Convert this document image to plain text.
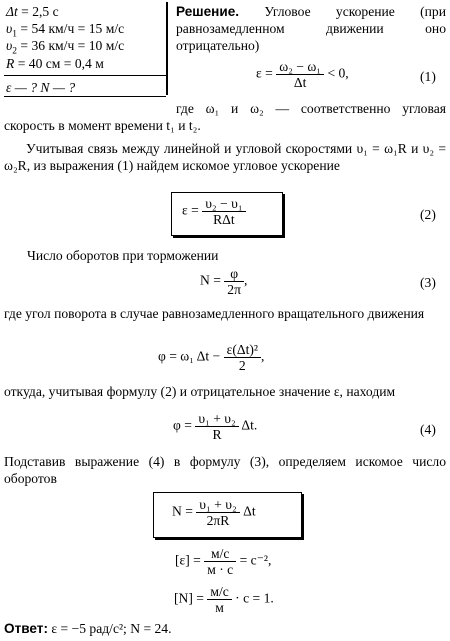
Δt = 2,5 с
$\upsilon_1 = 54$ км/ч = 15 м/с
$\upsilon_2 = 36$ км/ч = 10 м/с
R = 40 см = 0,4 м
ε — ? N — ?
Решение. Угловое ускорение (при равнозамедленном движении оно отрицательно)
$\varepsilon = \frac{\text{ω₂ − ω₁}}{\Delta t} < 0$,	(1)
где ω₁ и ω₂ — соответственно угловая скорость в момент времени t₁ и t₂.
Учитывая связь между линейной и угловой скоростями υ₁ = ω₁R и υ₂ = ω₂R, из выражения (1) найдем искомое угловое ускорение
$\varepsilon = \frac{\text{υ₂ − υ₁}}{\text{RΔt}}$	(2)
Число оборотов при торможении
$N = \frac{\varphi}{2\pi}$ ,	(3)
где угол поворота в случае равнозамедленного вращательного движения
φ = ω₁ $\Delta t - \frac{\text{ε(Δt)²}}{2}$ ,
откуда, учитывая формулу (2) и отрицательное значение ε, находим
$\varphi = \frac{\text{υ₁ + υ₂}}{R} \Delta t$.	(4)
Подставив выражение (4) в формулу (3), определяем искомое число оборотов
$N = \frac{\text{υ₁ + υ₂}}{2\pi R}$ Δt
$[\varepsilon] = \frac{м/с}{м \cdot с} = с^{-2}$,
$[N] = \frac{м/с}{м} \cdot с = 1$.
Ответ: ε = −5 рад/с²; N = 24.
